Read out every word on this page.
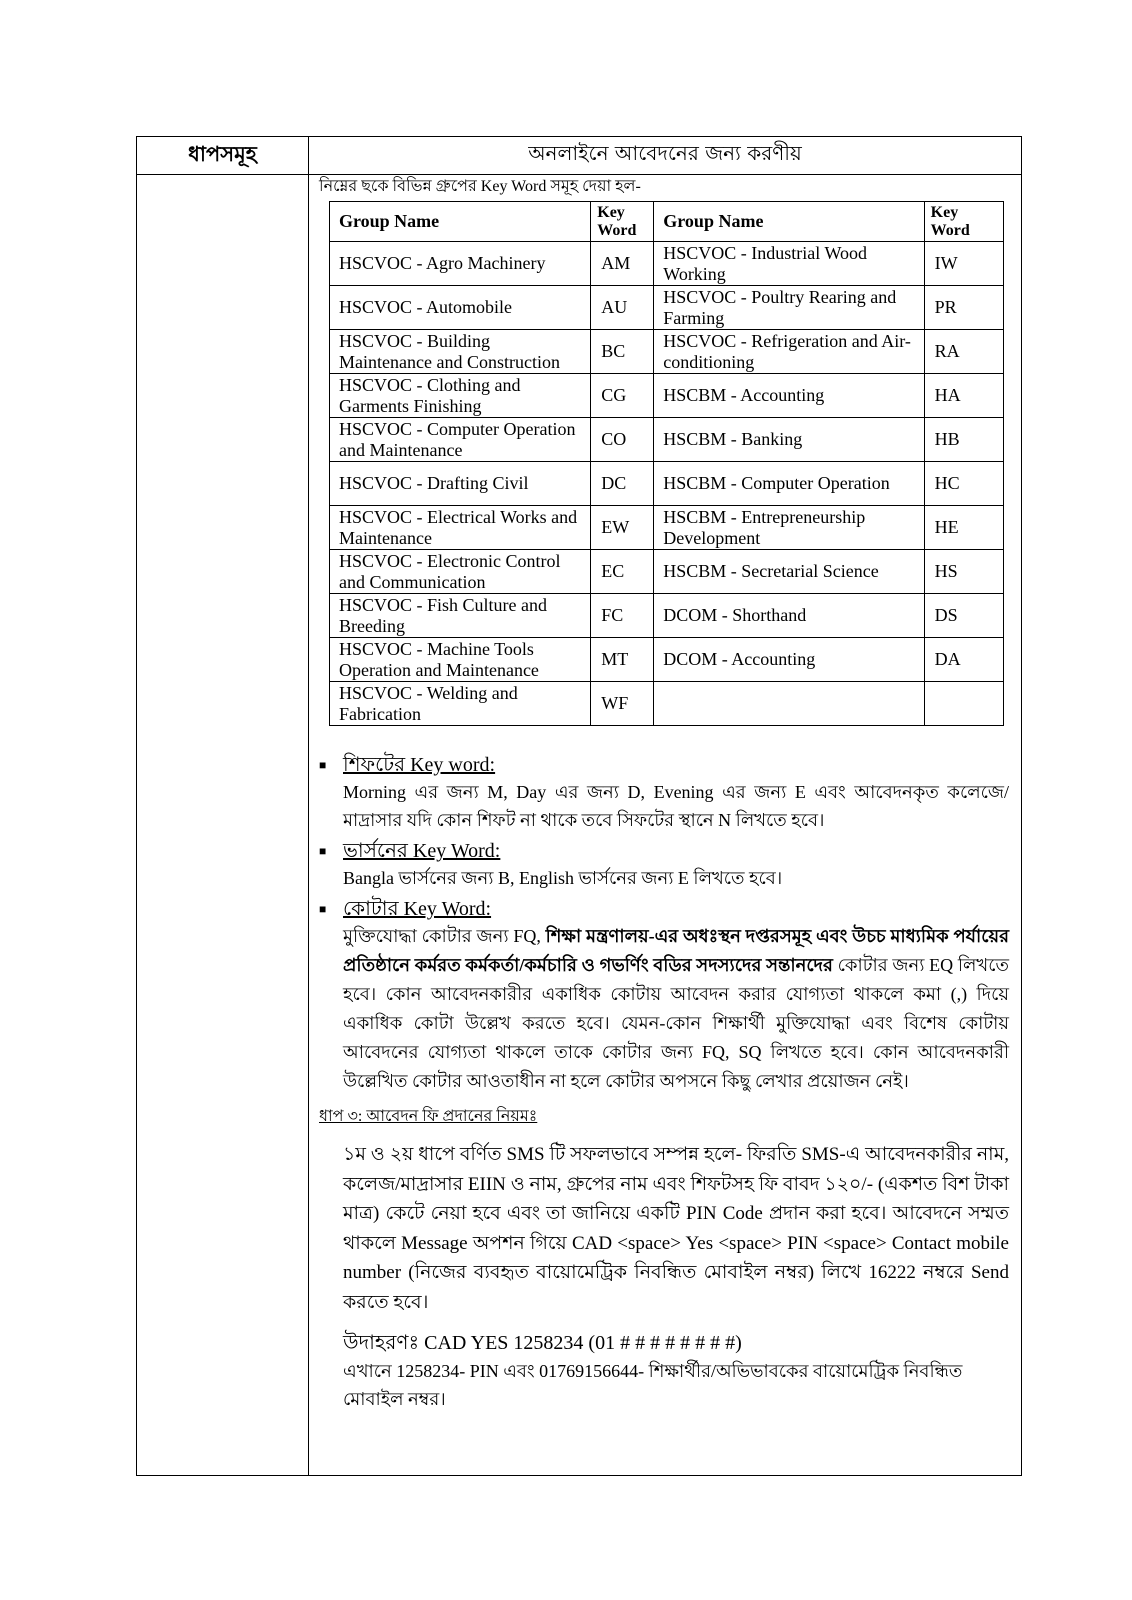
ধাপসমূহ	অনলাইনে আবেদনের জন্য করণীয়
নিম্নের ছকে বিভিন্ন গ্রুপের Key Word সমূহ দেয়া হল-
Group Name	Key Word	Group Name	Key Word
HSCVOC - Agro Machinery	AM	HSCVOC - Industrial Wood Working	IW
HSCVOC - Automobile	AU	HSCVOC - Poultry Rearing and Farming	PR
HSCVOC - Building Maintenance and Construction	BC	HSCVOC - Refrigeration and Air-conditioning	RA
HSCVOC - Clothing and Garments Finishing	CG	HSCBM - Accounting	HA
HSCVOC - Computer Operation and Maintenance	CO	HSCBM - Banking	HB
HSCVOC - Drafting Civil	DC	HSCBM - Computer Operation	HC
HSCVOC - Electrical Works and Maintenance	EW	HSCBM - Entrepreneurship Development	HE
HSCVOC - Electronic Control and Communication	EC	HSCBM - Secretarial Science	HS
HSCVOC - Fish Culture and Breeding	FC	DCOM - Shorthand	DS
HSCVOC - Machine Tools Operation and Maintenance	MT	DCOM - Accounting	DA
HSCVOC - Welding and Fabrication	WF		
■ শিফটের Key word:
Morning এর জন্য M, Day এর জন্য D, Evening এর জন্য E এবং আবেদনকৃত কলেজে/মাদ্রাসার যদি কোন শিফট না থাকে তবে সিফটের স্থানে N লিখতে হবে।
■ ভার্সনের Key Word:
Bangla ভার্সনের জন্য B, English ভার্সনের জন্য E লিখতে হবে।
■ কোটার Key Word:
মুক্তিযোদ্ধা কোটার জন্য FQ, শিক্ষা মন্ত্রণালয়-এর অধঃস্থন দপ্তরসমূহ এবং উচচ মাধ্যমিক পর্যায়ের প্রতিষ্ঠানে কর্মরত কর্মকর্তা/কর্মচারি ও গভর্ণিং বডির সদস্যদের সন্তানদের কোটার জন্য EQ লিখতে হবে। কোন আবেদনকারীর একাধিক কোটায় আবেদন করার যোগ্যতা থাকলে কমা (,) দিয়ে একাধিক কোটা উল্লেখ করতে হবে। যেমন-কোন শিক্ষার্থী মুক্তিযোদ্ধা এবং বিশেষ কোটায় আবেদনের যোগ্যতা থাকলে তাকে কোটার জন্য FQ, SQ লিখতে হবে। কোন আবেদনকারী উল্লেখিত কোটার আওতাধীন না হলে কোটার অপসনে কিছু লেখার প্রয়োজন নেই।
ধাপ ৩: আবেদন ফি প্রদানের নিয়মঃ
১ম ও ২য় ধাপে বর্ণিত SMS টি সফলভাবে সম্পন্ন হলে- ফিরতি SMS-এ আবেদনকারীর নাম, কলেজ/মাদ্রাসার EIIN ও নাম, গ্রুপের নাম এবং শিফটসহ ফি বাবদ ১২০/- (একশত বিশ টাকা মাত্র) কেটে নেয়া হবে এবং তা জানিয়ে একটি PIN Code প্রদান করা হবে। আবেদনে সম্মত থাকলে Message অপশন গিয়ে CAD <space> Yes <space> PIN <space> Contact mobile number (নিজের ব্যবহৃত বায়োমেট্রিক নিবন্ধিত মোবাইল নম্বর) লিখে 16222 নম্বরে Send করতে হবে।
উদাহরণঃ CAD YES 1258234 (01 # # # # # # # #)
এখানে 1258234- PIN এবং 01769156644- শিক্ষার্থীর/অভিভাবকের বায়োমেট্রিক নিবন্ধিত মোবাইল নম্বর।
